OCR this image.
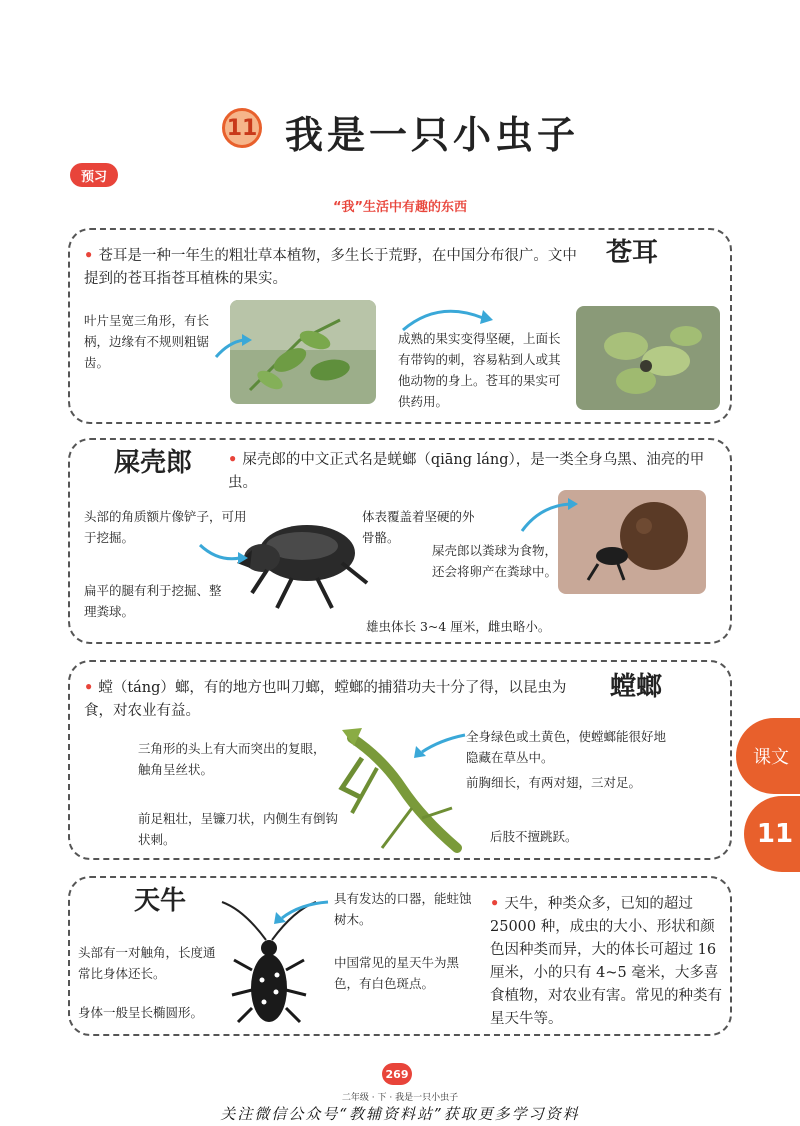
11 我是一只小虫子
预习
“我”生活中有趣的东西
苍耳
• 苍耳是一种一年生的粗壮草本植物，多生长于荒野，在中国分布很广。文中提到的苍耳指苍耳植株的果实。
叶片呈宽三角形，有长柄，边缘有不规则粗锯齿。
成熟的果实变得坚硬，上面长有带钩的刺，容易粘到人或其他动物的身上。苍耳的果实可供药用。
屎壳郎	• 屎壳郎的中文正式名是蜣螂（qiāng láng），是一类全身乌黑、油亮的甲虫。
头部的角质额片像铲子，可用于挖掘。
体表覆盖着坚硬的外骨骼。
扁平的腿有利于挖掘、整理粪球。
屎壳郎以粪球为食物，还会将卵产在粪球中。
雄虫体长 3~4 厘米，雌虫略小。
螳螂
• 螳（táng）螂，有的地方也叫刀螂，螳螂的捕猎功夫十分了得，以昆虫为食，对农业有益。
三角形的头上有大而突出的复眼，触角呈丝状。
前足粗壮，呈镰刀状，内侧生有倒钩状刺。
全身绿色或土黄色，使螳螂能很好地隐藏在草丛中。
前胸细长，有两对翅，三对足。
后肢不擅跳跃。
天牛	具有发达的口器，能蛀蚀树木。
头部有一对触角，长度通常比身体还长。
中国常见的星天牛为黑色，有白色斑点。
身体一般呈长椭圆形。
• 天牛，种类众多，已知的超过 25000 种，成虫的大小、形状和颜色因种类而异，大的体长可超过 16 厘米，小的只有 4~5 毫米，大多喜食植物，对农业有害。常见的种类有星天牛等。
课文
11
269
二年级 · 下 · 我是一只小虫子
关注微信公众号“教辅资料站”获取更多学习资料
